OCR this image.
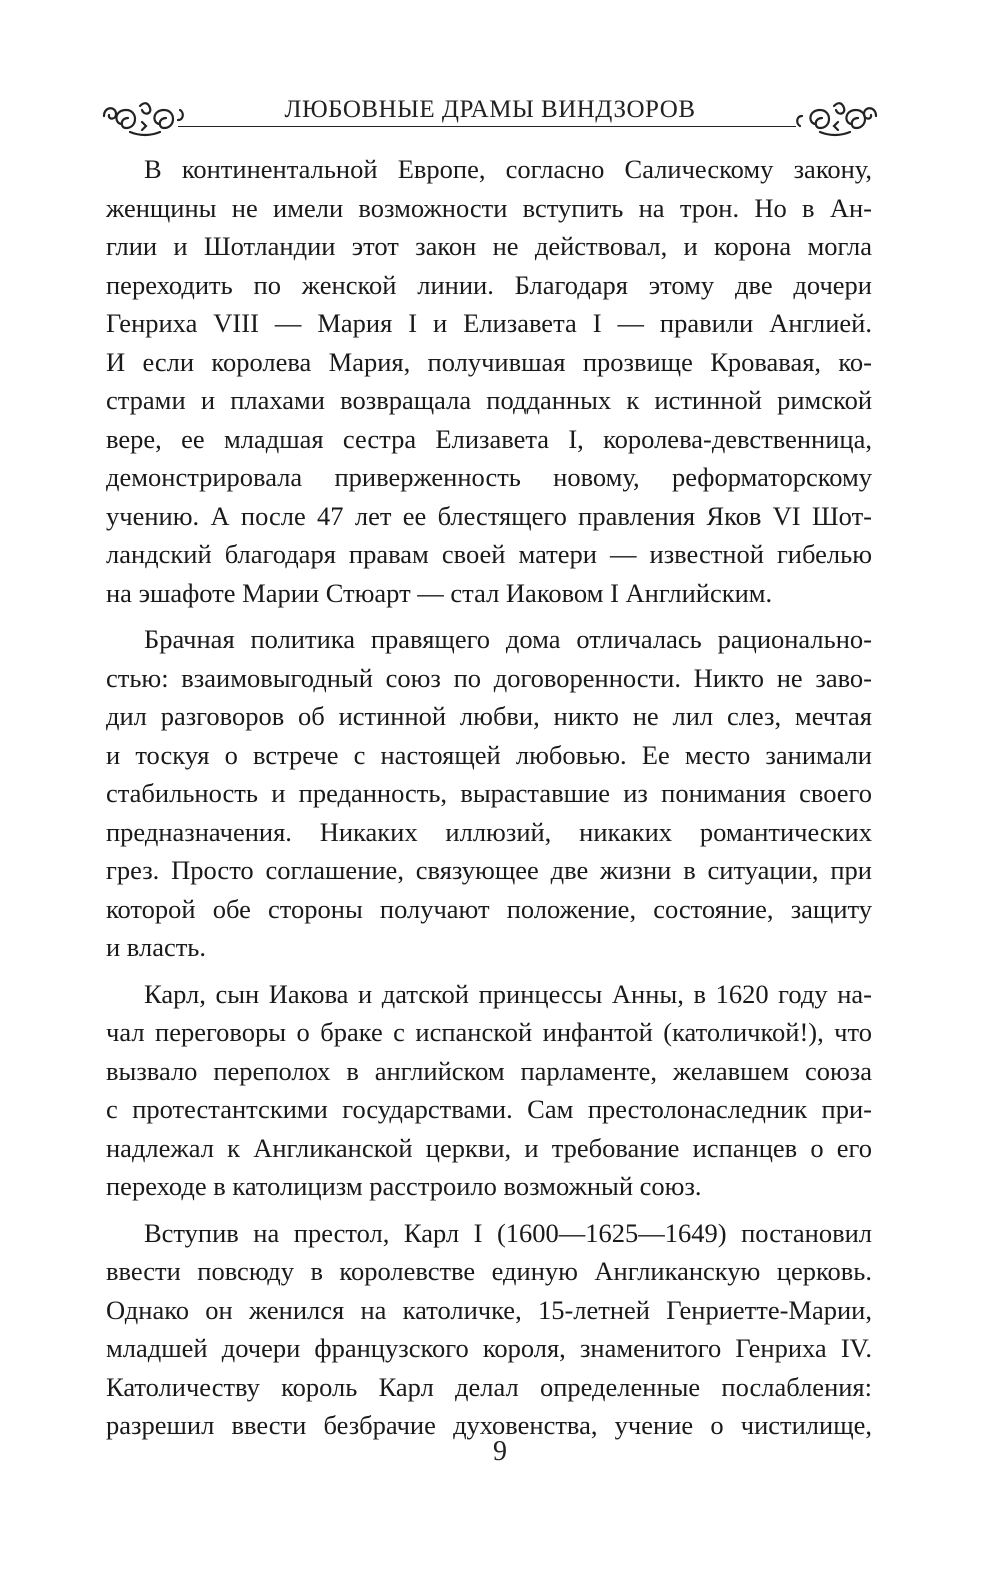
ЛЮБОВНЫЕ ДРАМЫ ВИНДЗОРОВ
В континентальной Европе, согласно Салическому закону,
женщины не имели возможности вступить на трон. Но в Ан-
глии и Шотландии этот закон не действовал, и корона могла
переходить по женской линии. Благодаря этому две дочери
Генриха VIII — Мария I и Елизавета I — правили Англией.
И если королева Мария, получившая прозвище Кровавая, ко-
страми и плахами возвращала подданных к истинной римской
вере, ее младшая сестра Елизавета I, королева-девственница,
демонстрировала приверженность новому, реформаторскому
учению. А после 47 лет ее блестящего правления Яков VI Шот-
ландский благодаря правам своей матери — известной гибелью
на эшафоте Марии Стюарт — стал Иаковом I Английским.
Брачная политика правящего дома отличалась рационально-
стью: взаимовыгодный союз по договоренности. Никто не заво-
дил разговоров об истинной любви, никто не лил слез, мечтая
и тоскуя о встрече с настоящей любовью. Ее место занимали
стабильность и преданность, выраставшие из понимания своего
предназначения. Никаких иллюзий, никаких романтических
грез. Просто соглашение, связующее две жизни в ситуации, при
которой обе стороны получают положение, состояние, защиту
и власть.
Карл, сын Иакова и датской принцессы Анны, в 1620 году на-
чал переговоры о браке с испанской инфантой (католичкой!), что
вызвало переполох в английском парламенте, желавшем союза
с протестантскими государствами. Сам престолонаследник при-
надлежал к Англиканской церкви, и требование испанцев о его
переходе в католицизм расстроило возможный союз.
Вступив на престол, Карл I (1600—1625—1649) постановил
ввести повсюду в королевстве единую Англиканскую церковь.
Однако он женился на католичке, 15-летней Генриетте-Марии,
младшей дочери французского короля, знаменитого Генриха IV.
Католичеству король Карл делал определенные послабления:
разрешил ввести безбрачие духовенства, учение о чистилище,
9
